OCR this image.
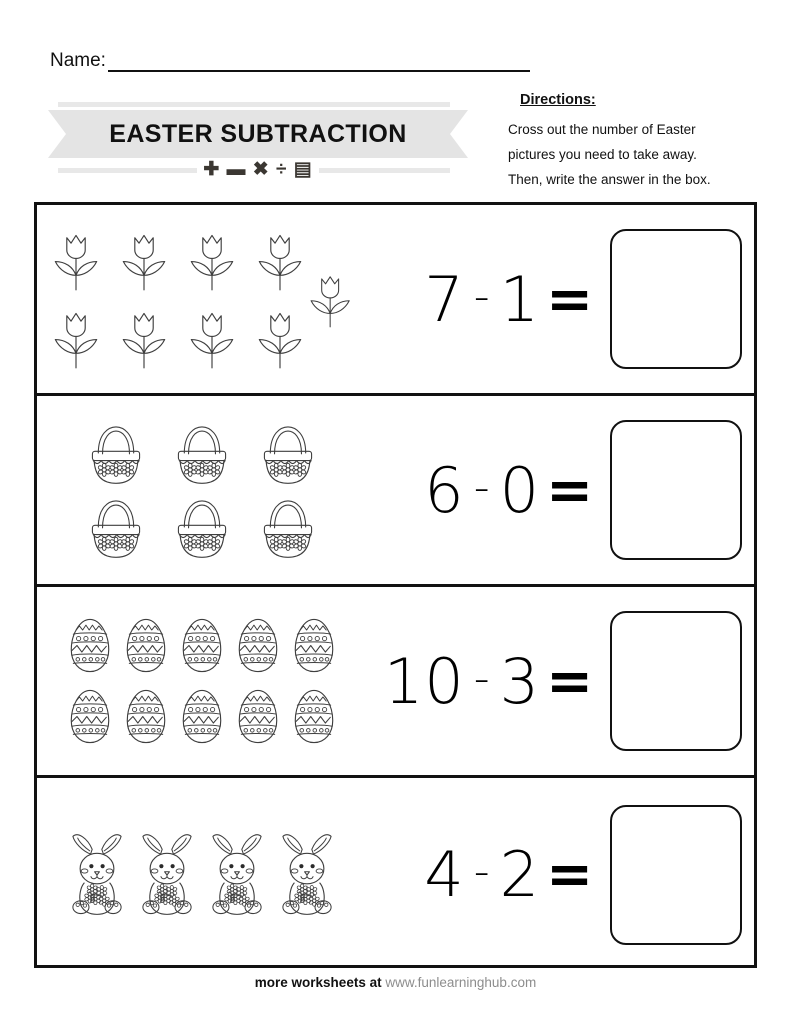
Name:
EASTER SUBTRACTION
✚ ▬ ✖ ÷ ▤
Directions:
Cross out the number of Easter
pictures you need to take away.
Then, write the answer in the box.
7 - 1 =
6 - 0 =
10 - 3 =
4 - 2 =
more worksheets at www.funlearninghub.com
